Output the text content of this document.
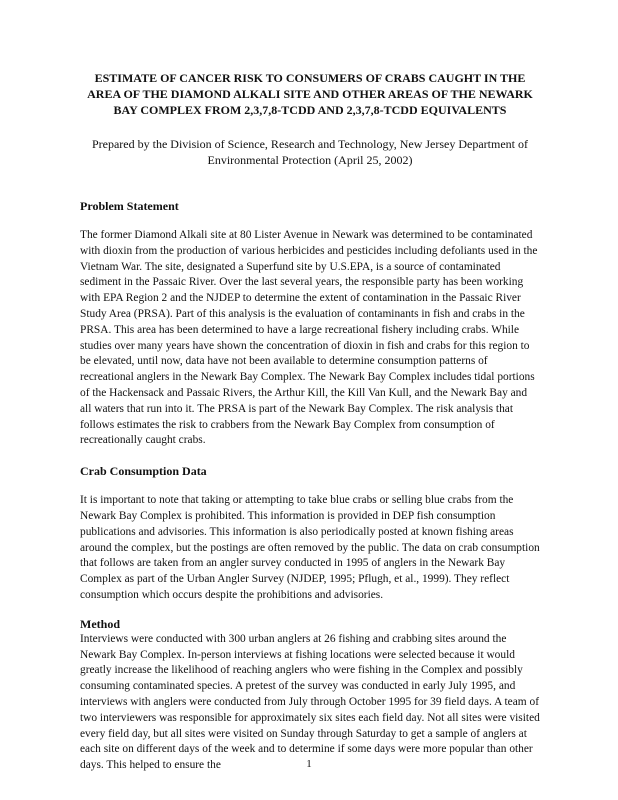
ESTIMATE OF CANCER RISK TO CONSUMERS OF CRABS CAUGHT IN THE AREA OF THE DIAMOND ALKALI SITE AND OTHER AREAS OF THE NEWARK BAY COMPLEX FROM 2,3,7,8-TCDD AND 2,3,7,8-TCDD EQUIVALENTS
Prepared by the Division of Science, Research and Technology, New Jersey Department of Environmental Protection (April 25, 2002)
Problem Statement

The former Diamond Alkali site at 80 Lister Avenue in Newark was determined to be contaminated with dioxin from the production of various herbicides and pesticides including defoliants used in the Vietnam War. The site, designated a Superfund site by U.S.EPA, is a source of contaminated sediment in the Passaic River. Over the last several years, the responsible party has been working with EPA Region 2 and the NJDEP to determine the extent of contamination in the Passaic River Study Area (PRSA). Part of this analysis is the evaluation of contaminants in fish and crabs in the PRSA. This area has been determined to have a large recreational fishery including crabs. While studies over many years have shown the concentration of dioxin in fish and crabs for this region to be elevated, until now, data have not been available to determine consumption patterns of recreational anglers in the Newark Bay Complex. The Newark Bay Complex includes tidal portions of the Hackensack and Passaic Rivers, the Arthur Kill, the Kill Van Kull, and the Newark Bay and all waters that run into it. The PRSA is part of the Newark Bay Complex. The risk analysis that follows estimates the risk to crabbers from the Newark Bay Complex from consumption of recreationally caught crabs.

Crab Consumption Data

It is important to note that taking or attempting to take blue crabs or selling blue crabs from the Newark Bay Complex is prohibited. This information is provided in DEP fish consumption publications and advisories. This information is also periodically posted at known fishing areas around the complex, but the postings are often removed by the public. The data on crab consumption that follows are taken from an angler survey conducted in 1995 of anglers in the Newark Bay Complex as part of the Urban Angler Survey (NJDEP, 1995; Pflugh, et al., 1999). They reflect consumption which occurs despite the prohibitions and advisories.

Method

Interviews were conducted with 300 urban anglers at 26 fishing and crabbing sites around the Newark Bay Complex. In-person interviews at fishing locations were selected because it would greatly increase the likelihood of reaching anglers who were fishing in the Complex and possibly consuming contaminated species. A pretest of the survey was conducted in early July 1995, and interviews with anglers were conducted from July through October 1995 for 39 field days. A team of two interviewers was responsible for approximately six sites each field day. Not all sites were visited every field day, but all sites were visited on Sunday through Saturday to get a sample of anglers at each site on different days of the week and to determine if some days were more popular than other days. This helped to ensure the	1
